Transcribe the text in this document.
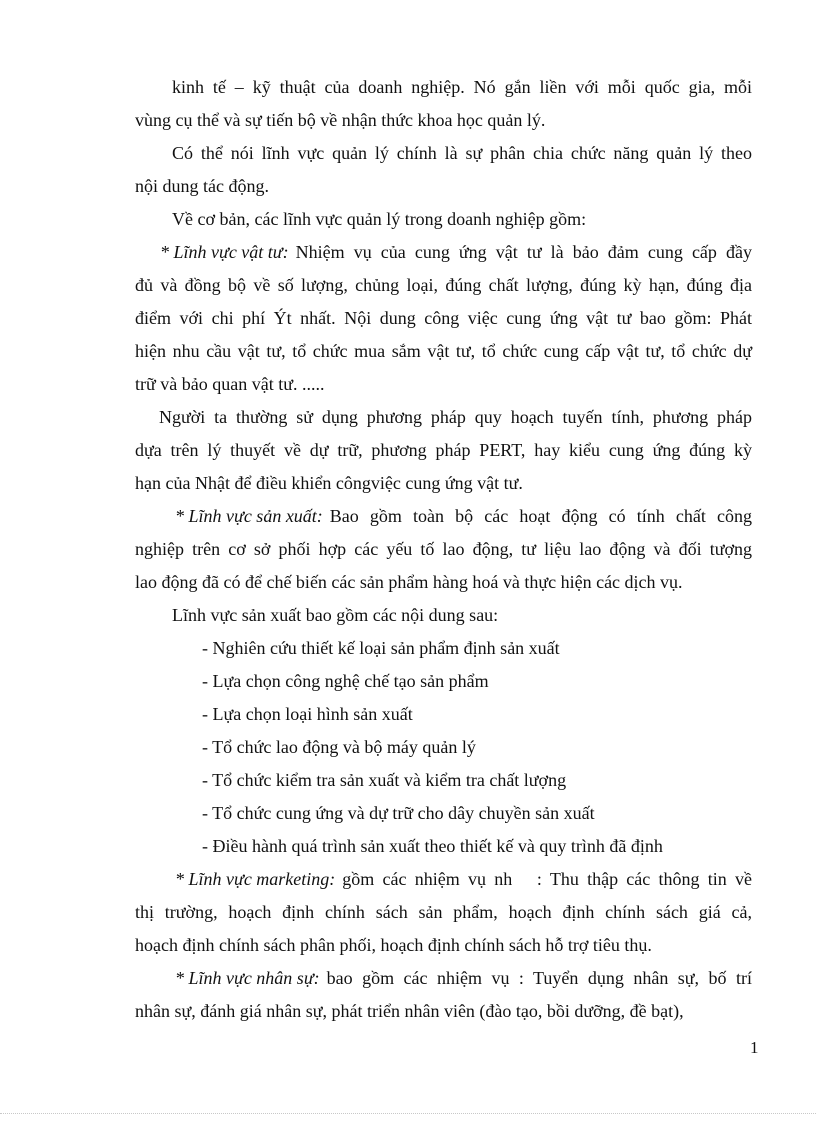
kinh tế – kỹ thuật của doanh nghiệp. Nó gắn liền với mỗi quốc gia, mỗi
vùng cụ thể và sự tiến bộ về nhận thức khoa học quản lý.
Có thể nói lĩnh vực quản lý chính là sự phân chia chức năng quản lý theo
nội dung tác động.
Về cơ bản, các lĩnh vực quản lý trong doanh nghiệp gồm:
* Lĩnh vực vật tư: Nhiệm vụ của cung ứng vật tư là bảo đảm cung cấp đầy
đủ và đồng bộ về số lượng, chủng loại, đúng chất lượng, đúng kỳ hạn, đúng địa
điểm với chi phí Ýt nhất. Nội dung công việc cung ứng vật tư bao gồm: Phát
hiện nhu cầu vật tư, tổ chức mua sắm vật tư, tổ chức cung cấp vật tư, tổ chức dự
trữ và bảo quan vật tư. .....
Người ta thường sử dụng phương pháp quy hoạch tuyến tính, phương pháp
dựa trên lý thuyết về dự trữ, phương pháp PERT, hay kiểu cung ứng đúng kỳ
hạn của Nhật để điều khiển côngviệc cung ứng vật tư.
* Lĩnh vực sản xuất: Bao gồm toàn bộ các hoạt động có tính chất công
nghiệp trên cơ sở phối hợp các yếu tố lao động, tư liệu lao động và đối tượng
lao động đã có để chế biến các sản phẩm hàng hoá và thực hiện các dịch vụ.
Lĩnh vực sản xuất bao gồm các nội dung sau:
- Nghiên cứu thiết kế loại sản phẩm định sản xuất
- Lựa chọn công nghệ chế tạo sản phẩm
- Lựa chọn loại hình sản xuất
- Tổ chức lao động và bộ máy quản lý
- Tổ chức kiểm tra sản xuất và kiểm tra chất lượng
- Tổ chức cung ứng và dự trữ cho dây chuyền sản xuất
- Điều hành quá trình sản xuất theo thiết kế và quy trình đã định
* Lĩnh vực marketing: gồm các nhiệm vụ nh   : Thu thập các thông tin về
thị trường, hoạch định chính sách sản phẩm, hoạch định chính sách giá cả,
hoạch định chính sách phân phối, hoạch định chính sách hỗ trợ tiêu thụ.
* Lĩnh vực nhân sự: bao gồm các nhiệm vụ : Tuyển dụng nhân sự, bố trí
nhân sự, đánh giá nhân sự, phát triển nhân viên (đào tạo, bồi dưỡng, đề bạt),
1
